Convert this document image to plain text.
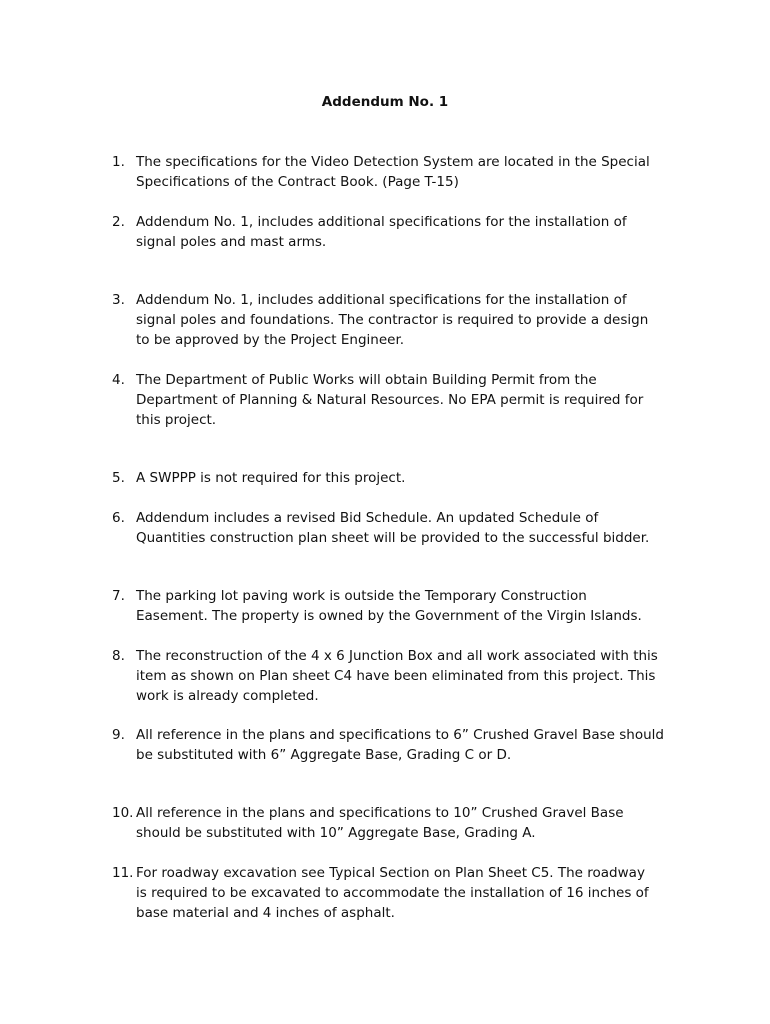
Addendum No. 1
1. The specifications for the Video Detection System are located in the Special
Specifications of the Contract Book. (Page T-15)
2. Addendum No. 1, includes additional specifications for the installation of
signal poles and mast arms.
3. Addendum No. 1, includes additional specifications for the installation of
signal poles and foundations. The contractor is required to provide a design
to be approved by the Project Engineer.
4. The Department of Public Works will obtain Building Permit from the
Department of Planning & Natural Resources. No EPA permit is required for
this project.
5. A SWPPP is not required for this project.
6. Addendum includes a revised Bid Schedule. An updated Schedule of
Quantities construction plan sheet will be provided to the successful bidder.
7. The parking lot paving work is outside the Temporary Construction
Easement. The property is owned by the Government of the Virgin Islands.
8. The reconstruction of the 4 x 6 Junction Box and all work associated with this
item as shown on Plan sheet C4 have been eliminated from this project. This
work is already completed.
9. All reference in the plans and specifications to 6” Crushed Gravel Base should
be substituted with 6” Aggregate Base, Grading C or D.
10. All reference in the plans and specifications to 10” Crushed Gravel Base
should be substituted with 10” Aggregate Base, Grading A.
11. For roadway excavation see Typical Section on Plan Sheet C5. The roadway
is required to be excavated to accommodate the installation of 16 inches of
base material and 4 inches of asphalt.
